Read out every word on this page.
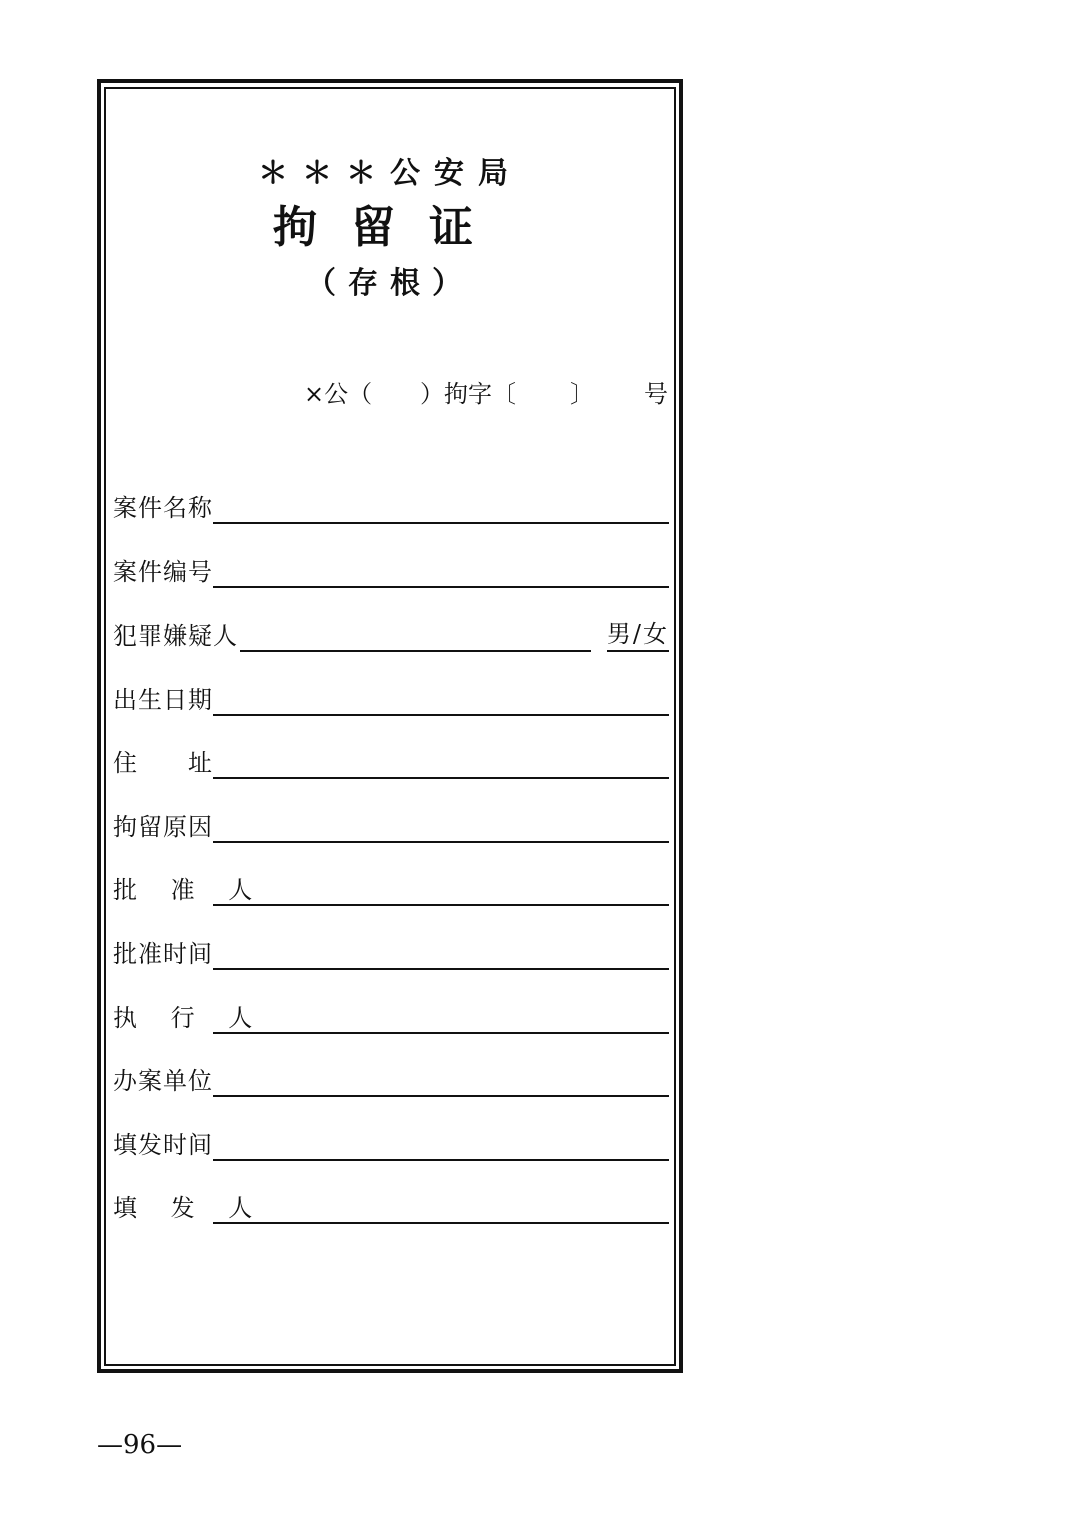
＊＊＊公安局
拘留证
（存根）
×公（ ）拘字〔 〕 号
案件名称
案件编号
犯罪嫌疑人	男/女
出生日期
住　　址
拘留原因
批 准 人
批准时间
执 行 人
办案单位
填发时间
填 发 人
—96—
